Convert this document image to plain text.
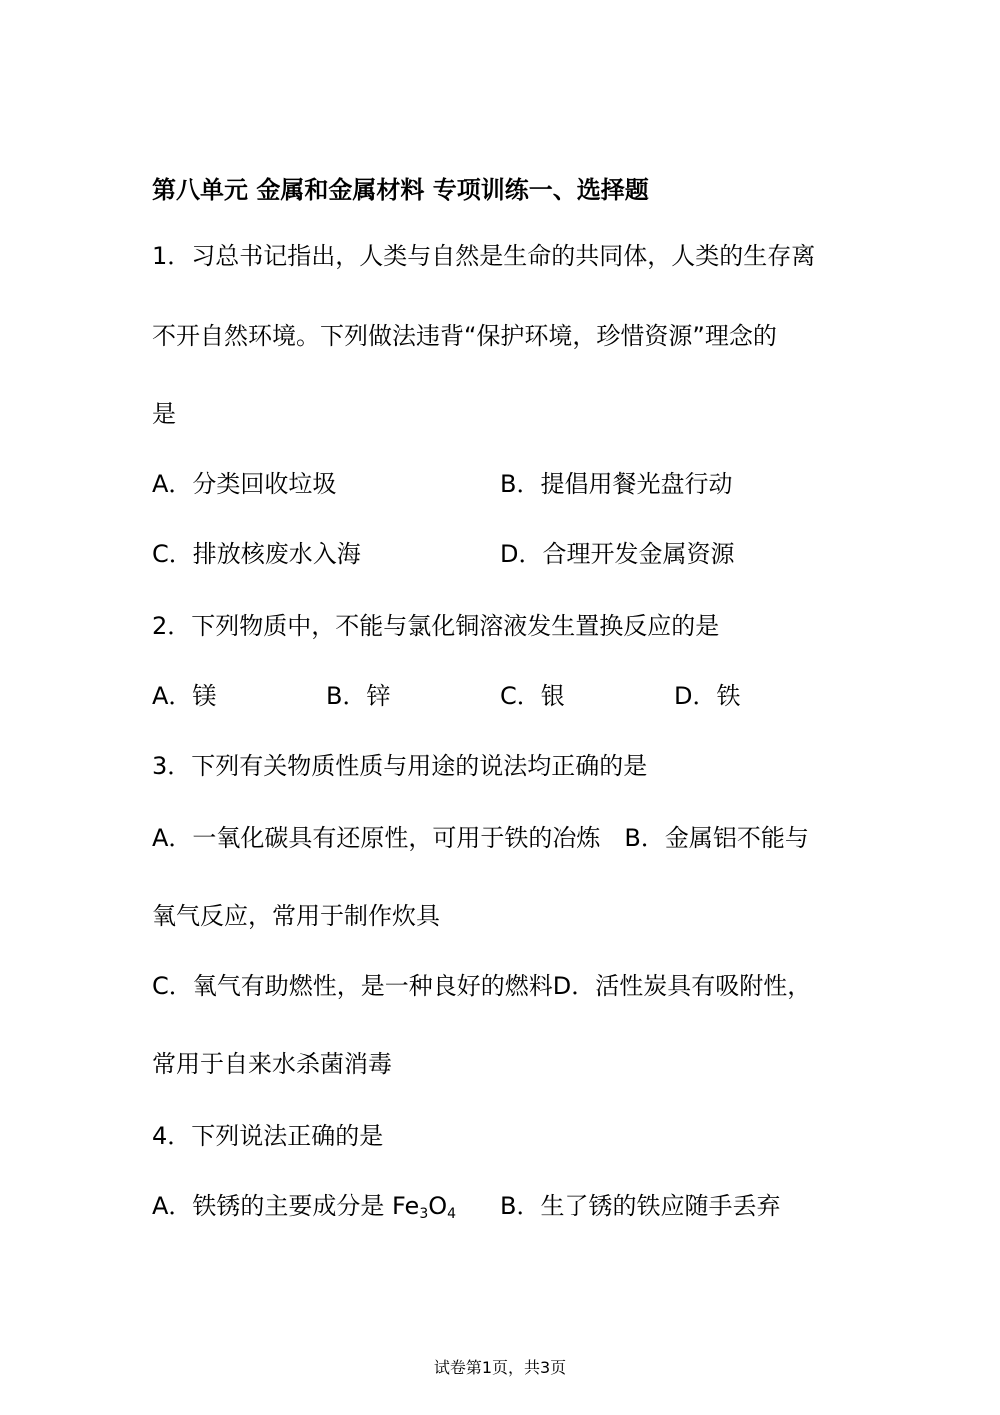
第八单元 金属和金属材料 专项训练一、选择题
1．习总书记指出，人类与自然是生命的共同体，人类的生存离
不开自然环境。下列做法违背“保护环境，珍惜资源”理念的
是
A．分类回收垃圾	B．提倡用餐光盘行动
C．排放核废水入海	D．合理开发金属资源
2．下列物质中，不能与氯化铜溶液发生置换反应的是
A．镁	B．锌	C．银	D．铁
3．下列有关物质性质与用途的说法均正确的是
A．一氧化碳具有还原性，可用于铁的冶炼　B．金属铝不能与
氧气反应，常用于制作炊具
C．氧气有助燃性，是一种良好的燃料D．活性炭具有吸附性，
常用于自来水杀菌消毒
4．下列说法正确的是
A．铁锈的主要成分是 $Fe_3O_4$ B．生了锈的铁应随手丢弃
试卷第1页，共3页
